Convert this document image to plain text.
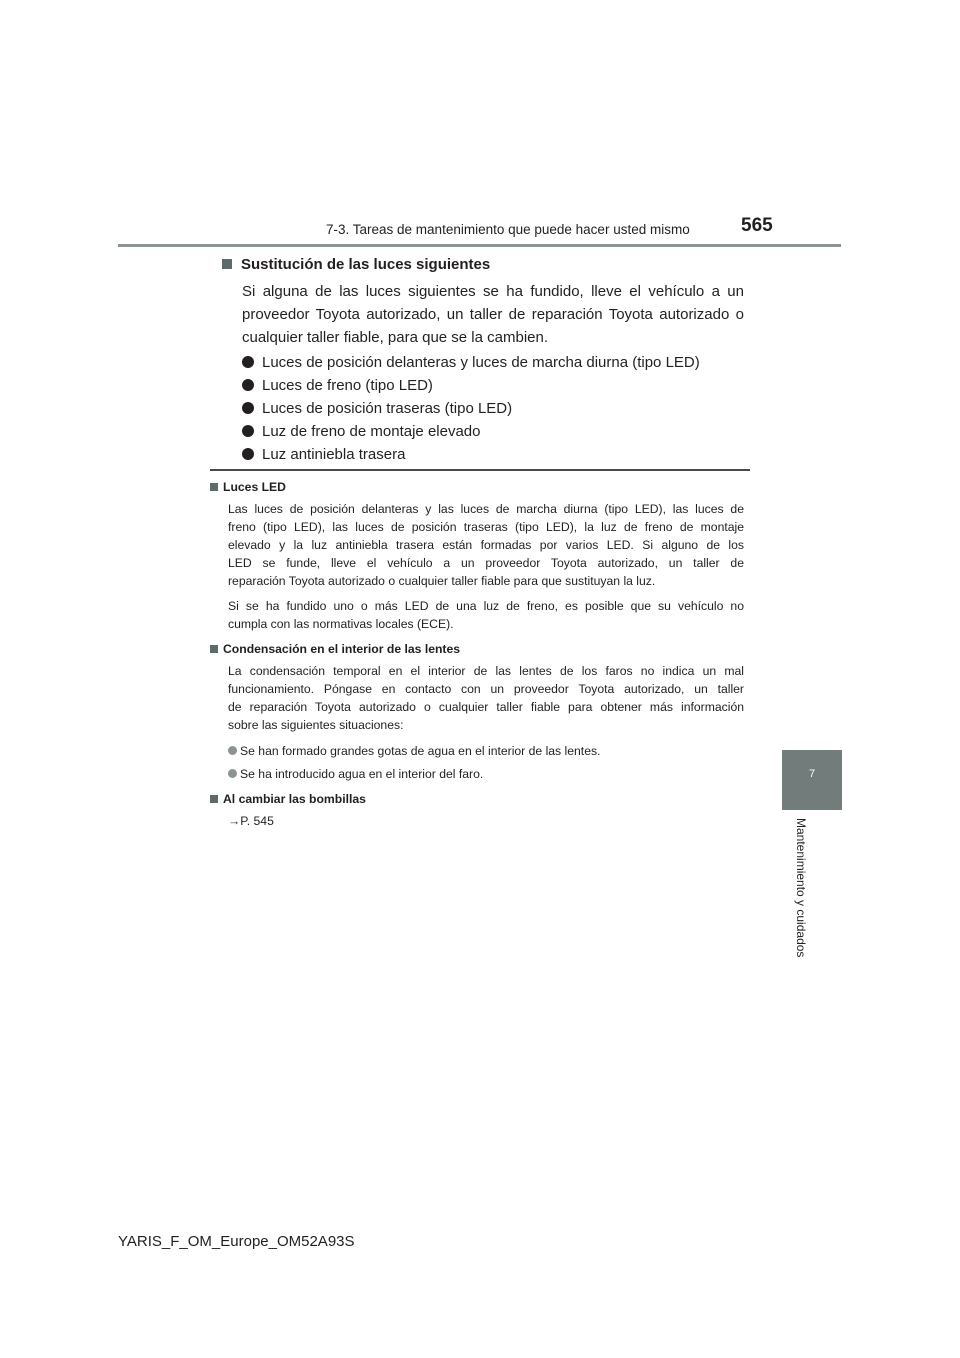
7-3. Tareas de mantenimiento que puede hacer usted mismo	565
7
Mantenimiento y cuidados
Sustitución de las luces siguientes

Si alguna de las luces siguientes se ha fundido, lleve el vehículo a un
proveedor Toyota autorizado, un taller de reparación Toyota autorizado o
cualquier taller fiable, para que se la cambien.

Luces de posición delanteras y luces de marcha diurna (tipo LED)
Luces de freno (tipo LED)
Luces de posición traseras (tipo LED)
Luz de freno de montaje elevado
Luz antiniebla trasera
Luces LED

Las luces de posición delanteras y las luces de marcha diurna (tipo LED), las luces de
freno (tipo LED), las luces de posición traseras (tipo LED), la luz de freno de montaje
elevado y la luz antiniebla trasera están formadas por varios LED. Si alguno de los
LED se funde, lleve el vehículo a un proveedor Toyota autorizado, un taller de
reparación Toyota autorizado o cualquier taller fiable para que sustituyan la luz.

Si se ha fundido uno o más LED de una luz de freno, es posible que su vehículo no
cumpla con las normativas locales (ECE).

Condensación en el interior de las lentes

La condensación temporal en el interior de las lentes de los faros no indica un mal
funcionamiento. Póngase en contacto con un proveedor Toyota autorizado, un taller
de reparación Toyota autorizado o cualquier taller fiable para obtener más información
sobre las siguientes situaciones:

Se han formado grandes gotas de agua en el interior de las lentes.
Se ha introducido agua en el interior del faro.
Al cambiar las bombillas

→P. 545

YARIS_F_OM_Europe_OM52A93S
